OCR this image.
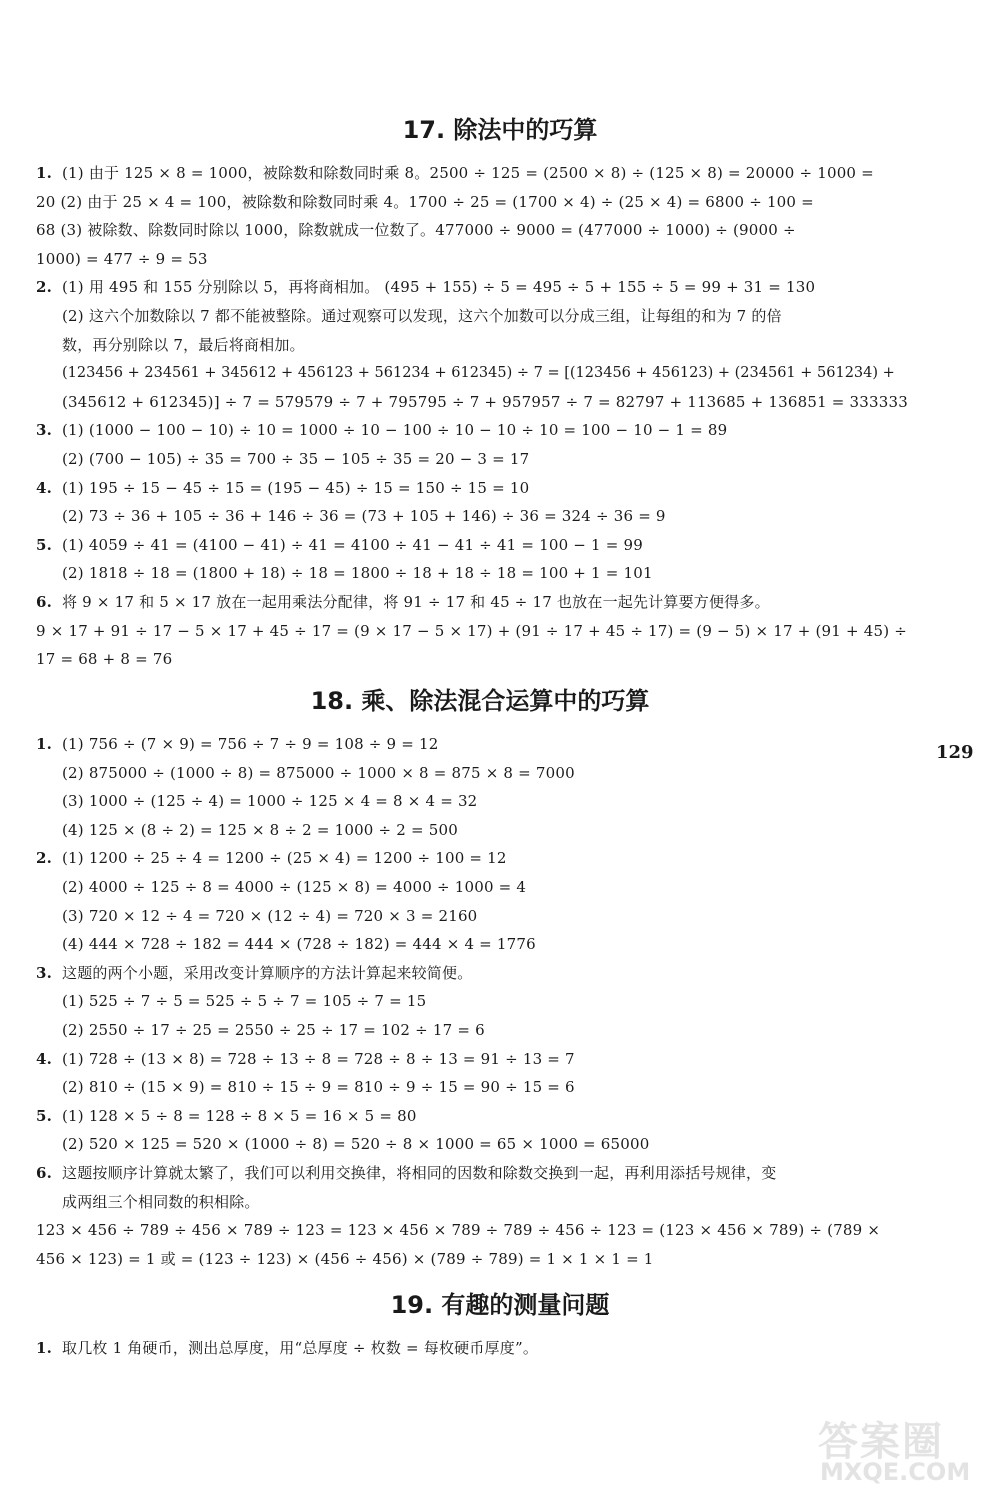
17. 除法中的巧算
1. (1) 由于 125 × 8 = 1000，被除数和除数同时乘 8。2500 ÷ 125 = (2500 × 8) ÷ (125 × 8) = 20000 ÷ 1000 =
20 (2) 由于 25 × 4 = 100，被除数和除数同时乘 4。1700 ÷ 25 = (1700 × 4) ÷ (25 × 4) = 6800 ÷ 100 =
68 (3) 被除数、除数同时除以 1000，除数就成一位数了。477000 ÷ 9000 = (477000 ÷ 1000) ÷ (9000 ÷
1000) = 477 ÷ 9 = 53
2. (1) 用 495 和 155 分别除以 5，再将商相加。 (495 + 155) ÷ 5 = 495 ÷ 5 + 155 ÷ 5 = 99 + 31 = 130
(2) 这六个加数除以 7 都不能被整除。通过观察可以发现，这六个加数可以分成三组，让每组的和为 7 的倍
数，再分别除以 7，最后将商相加。
(123456 + 234561 + 345612 + 456123 + 561234 + 612345) ÷ 7 = [(123456 + 456123) + (234561 + 561234) +
(345612 + 612345)] ÷ 7 = 579579 ÷ 7 + 795795 ÷ 7 + 957957 ÷ 7 = 82797 + 113685 + 136851 = 333333
3. (1) (1000 − 100 − 10) ÷ 10 = 1000 ÷ 10 − 100 ÷ 10 − 10 ÷ 10 = 100 − 10 − 1 = 89
(2) (700 − 105) ÷ 35 = 700 ÷ 35 − 105 ÷ 35 = 20 − 3 = 17
4. (1) 195 ÷ 15 − 45 ÷ 15 = (195 − 45) ÷ 15 = 150 ÷ 15 = 10
(2) 73 ÷ 36 + 105 ÷ 36 + 146 ÷ 36 = (73 + 105 + 146) ÷ 36 = 324 ÷ 36 = 9
5. (1) 4059 ÷ 41 = (4100 − 41) ÷ 41 = 4100 ÷ 41 − 41 ÷ 41 = 100 − 1 = 99
(2) 1818 ÷ 18 = (1800 + 18) ÷ 18 = 1800 ÷ 18 + 18 ÷ 18 = 100 + 1 = 101
6. 将 9 × 17 和 5 × 17 放在一起用乘法分配律，将 91 ÷ 17 和 45 ÷ 17 也放在一起先计算要方便得多。
9 × 17 + 91 ÷ 17 − 5 × 17 + 45 ÷ 17 = (9 × 17 − 5 × 17) + (91 ÷ 17 + 45 ÷ 17) = (9 − 5) × 17 + (91 + 45) ÷
17 = 68 + 8 = 76
18. 乘、除法混合运算中的巧算
1. (1) 756 ÷ (7 × 9) = 756 ÷ 7 ÷ 9 = 108 ÷ 9 = 12
(2) 875000 ÷ (1000 ÷ 8) = 875000 ÷ 1000 × 8 = 875 × 8 = 7000
(3) 1000 ÷ (125 ÷ 4) = 1000 ÷ 125 × 4 = 8 × 4 = 32
(4) 125 × (8 ÷ 2) = 125 × 8 ÷ 2 = 1000 ÷ 2 = 500
2. (1) 1200 ÷ 25 ÷ 4 = 1200 ÷ (25 × 4) = 1200 ÷ 100 = 12
(2) 4000 ÷ 125 ÷ 8 = 4000 ÷ (125 × 8) = 4000 ÷ 1000 = 4
(3) 720 × 12 ÷ 4 = 720 × (12 ÷ 4) = 720 × 3 = 2160
(4) 444 × 728 ÷ 182 = 444 × (728 ÷ 182) = 444 × 4 = 1776
3. 这题的两个小题，采用改变计算顺序的方法计算起来较简便。
(1) 525 ÷ 7 ÷ 5 = 525 ÷ 5 ÷ 7 = 105 ÷ 7 = 15
(2) 2550 ÷ 17 ÷ 25 = 2550 ÷ 25 ÷ 17 = 102 ÷ 17 = 6
4. (1) 728 ÷ (13 × 8) = 728 ÷ 13 ÷ 8 = 728 ÷ 8 ÷ 13 = 91 ÷ 13 = 7
(2) 810 ÷ (15 × 9) = 810 ÷ 15 ÷ 9 = 810 ÷ 9 ÷ 15 = 90 ÷ 15 = 6
5. (1) 128 × 5 ÷ 8 = 128 ÷ 8 × 5 = 16 × 5 = 80
(2) 520 × 125 = 520 × (1000 ÷ 8) = 520 ÷ 8 × 1000 = 65 × 1000 = 65000
6. 这题按顺序计算就太繁了，我们可以利用交换律，将相同的因数和除数交换到一起，再利用添括号规律，变
成两组三个相同数的积相除。
123 × 456 ÷ 789 ÷ 456 × 789 ÷ 123 = 123 × 456 × 789 ÷ 789 ÷ 456 ÷ 123 = (123 × 456 × 789) ÷ (789 ×
456 × 123) = 1 或 = (123 ÷ 123) × (456 ÷ 456) × (789 ÷ 789) = 1 × 1 × 1 = 1
19. 有趣的测量问题
1. 取几枚 1 角硬币，测出总厚度，用“总厚度 ÷ 枚数 = 每枚硬币厚度”。
129
答案圈
MXQE.COM
